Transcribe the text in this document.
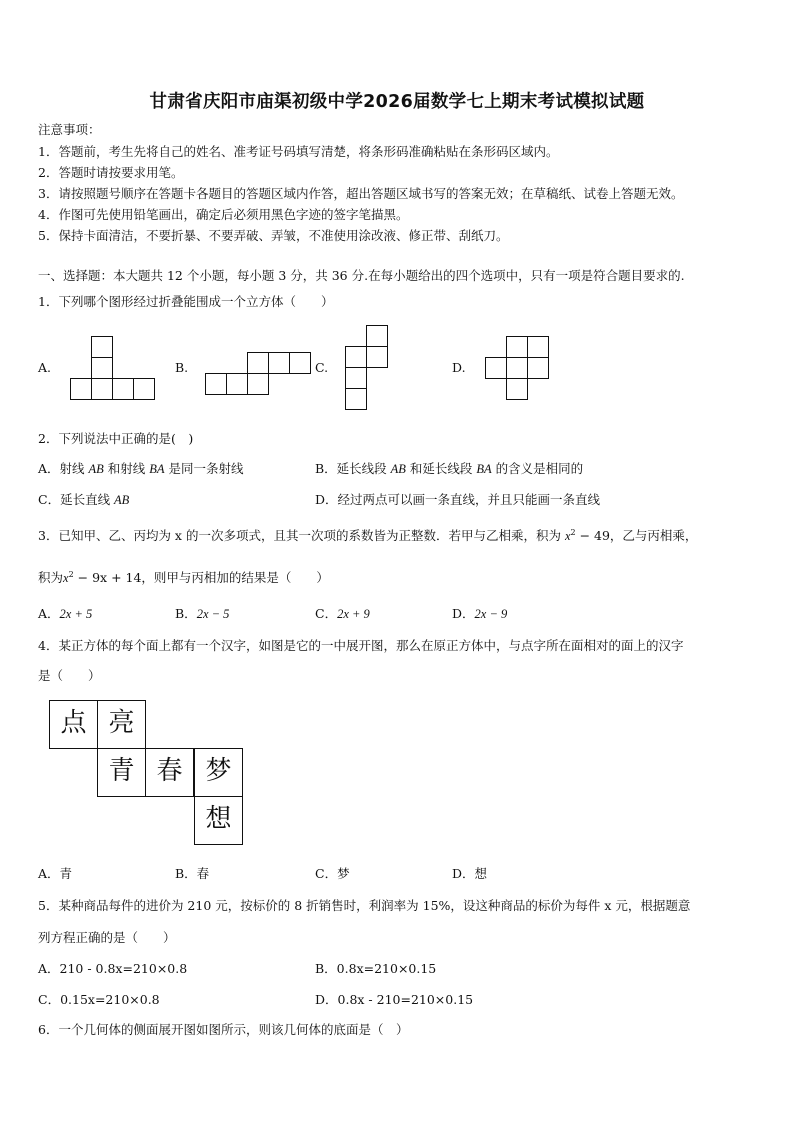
甘肃省庆阳市庙渠初级中学2026届数学七上期末考试模拟试题
注意事项：
1．答题前，考生先将自己的姓名、准考证号码填写清楚，将条形码准确粘贴在条形码区域内。
2．答题时请按要求用笔。
3．请按照题号顺序在答题卡各题目的答题区域内作答，超出答题区域书写的答案无效；在草稿纸、试卷上答题无效。
4．作图可先使用铅笔画出，确定后必须用黑色字迹的签字笔描黑。
5．保持卡面清洁，不要折暴、不要弄破、弄皱，不准使用涂改液、修正带、刮纸刀。
一、选择题：本大题共 12 个小题，每小题 3 分，共 36 分.在每小题给出的四个选项中，只有一项是符合题目要求的.
1．下列哪个图形经过折叠能围成一个立方体（　　）
A.	B.	C.	D.
2．下列说法中正确的是(　)
A．射线 AB 和射线 BA 是同一条射线	B．延长线段 AB 和延长线段 BA 的含义是相同的
C．延长直线 AB	D．经过两点可以画一条直线，并且只能画一条直线
3．已知甲、乙、丙均为 x 的一次多项式，且其一次项的系数皆为正整数．若甲与乙相乘，积为 $x^2 - 49$，乙与丙相乘，
积为$x^2 - 9x + 14$，则甲与丙相加的结果是（　　）
A．2x + 5	B．2x − 5	C．2x + 9	D．2x − 9
4．某正方体的每个面上都有一个汉字，如图是它的一中展开图，那么在原正方体中，与点字所在面相对的面上的汉字
是（　　）
点 亮
青 春 梦
想
A．青	B．春	C．梦	D．想
5．某种商品每件的进价为 210 元，按标价的 8 折销售时，利润率为 15%，设这种商品的标价为每件 x 元，根据题意
列方程正确的是（　　）
A．210 - 0.8x=210×0.8	B．0.8x=210×0.15
C．0.15x=210×0.8	D．0.8x - 210=210×0.15
6．一个几何体的侧面展开图如图所示，则该几何体的底面是（　）
